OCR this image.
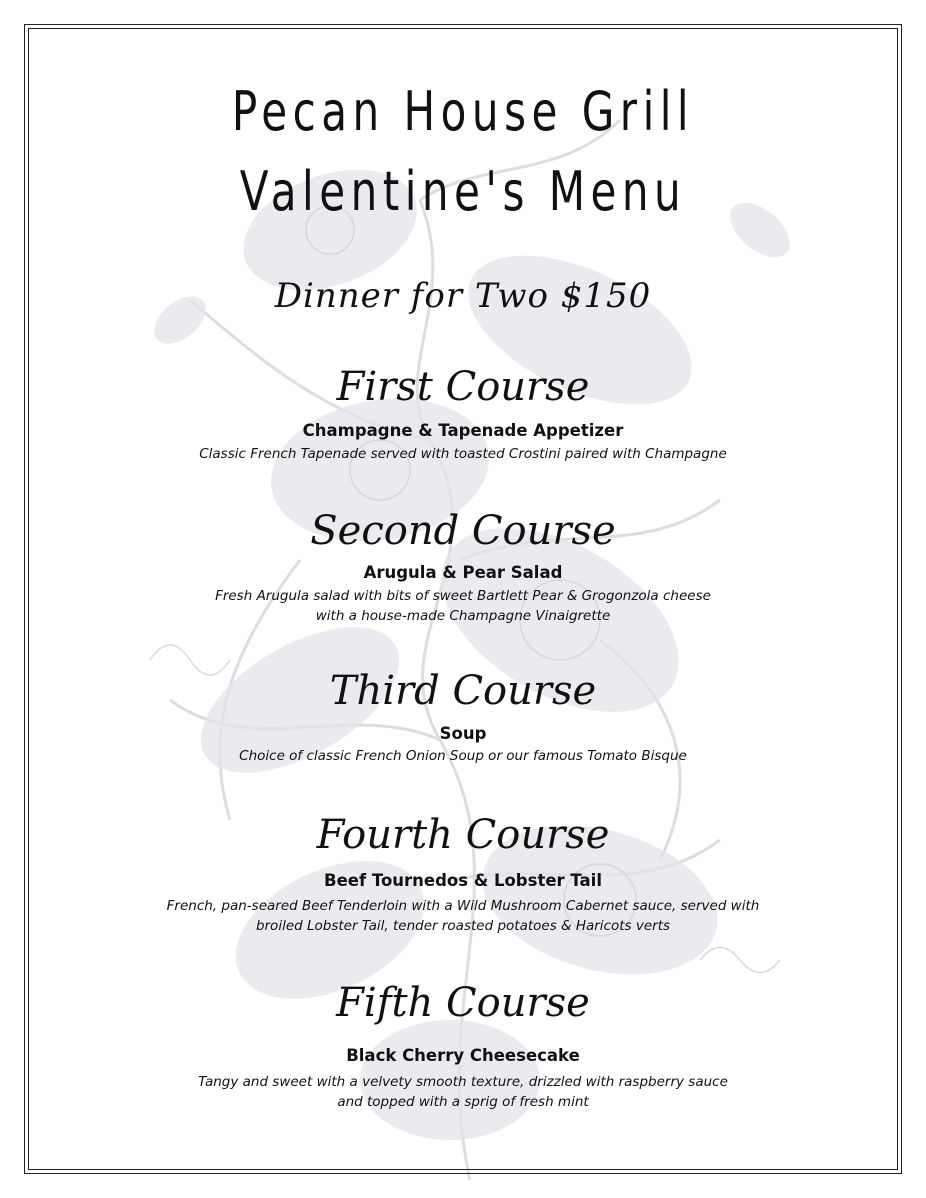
Pecan House Grill
Valentine's Menu
Dinner for Two $150
First Course
Champagne & Tapenade Appetizer
Classic French Tapenade served with toasted Crostini paired with Champagne
Second Course
Arugula & Pear Salad
Fresh Arugula salad with bits of sweet Bartlett Pear & Grogonzola cheese
with a house-made Champagne Vinaigrette
Third Course
Soup
Choice of classic French Onion Soup or our famous Tomato Bisque
Fourth Course
Beef Tournedos & Lobster Tail
French, pan-seared Beef Tenderloin with a Wild Mushroom Cabernet sauce, served with
broiled Lobster Tail, tender roasted potatoes & Haricots verts
Fifth Course
Black Cherry Cheesecake
Tangy and sweet with a velvety smooth texture, drizzled with raspberry sauce
and topped with a sprig of fresh mint
